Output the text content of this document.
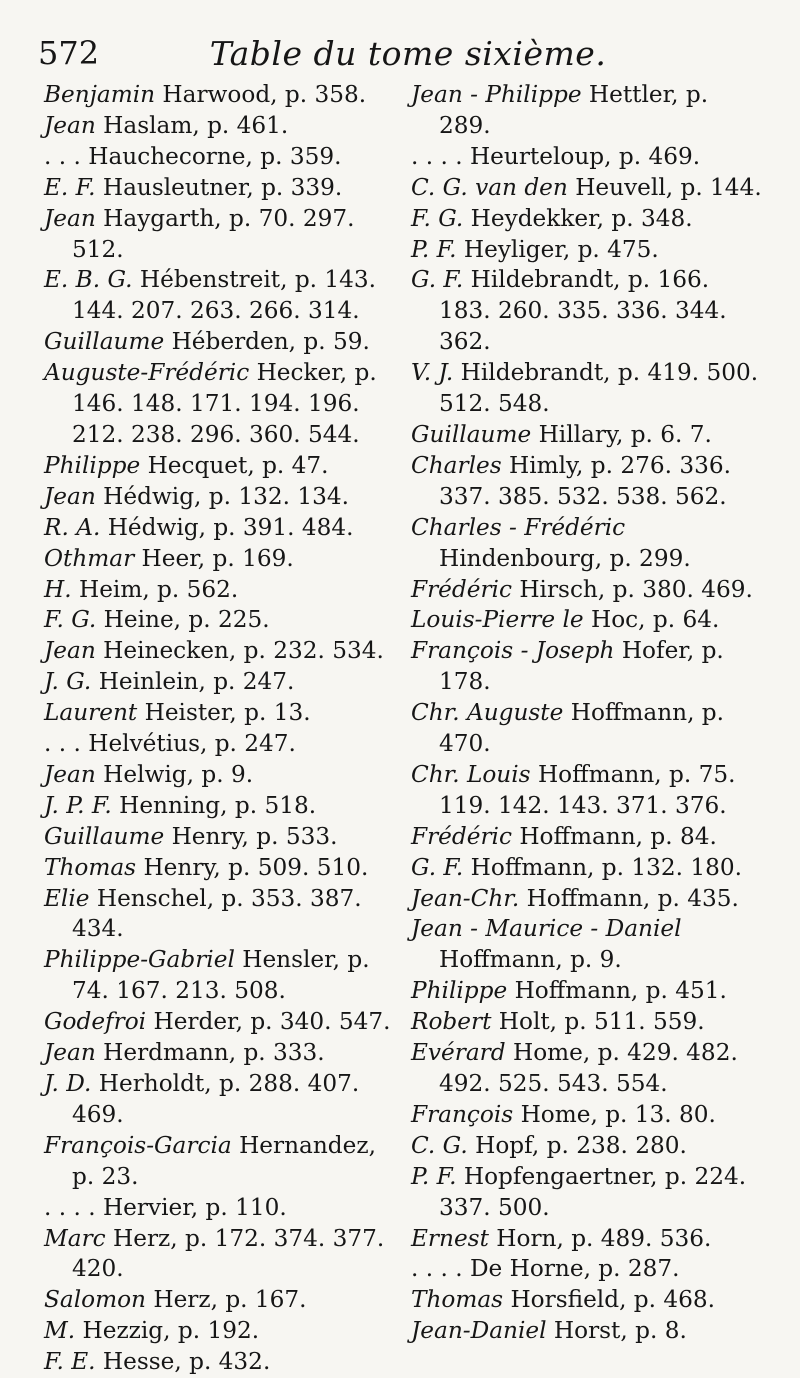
572	Table du tome sixième.

Benjamin Harwood, p. 358.

Jean Haslam, p. 461.

. . . Hauchecorne, p. 359.

E. F. Hausleutner, p. 339.

Jean Haygarth, p. 70. 297. 512.

E. B. G. Hébenstreit, p. 143. 144. 207. 263. 266. 314.

Guillaume Héberden, p. 59.

Auguste-Frédéric Hecker, p. 146. 148. 171. 194. 196. 212. 238. 296. 360. 544.

Philippe Hecquet, p. 47.

Jean Hédwig, p. 132. 134.

R. A. Hédwig, p. 391. 484.

Othmar Heer, p. 169.

H. Heim, p. 562.

F. G. Heine, p. 225.

Jean Heinecken, p. 232. 534.

J. G. Heinlein, p. 247.

Laurent Heister, p. 13.

. . . Helvétius, p. 247.

Jean Helwig, p. 9.

J. P. F. Henning, p. 518.

Guillaume Henry, p. 533.

Thomas Henry, p. 509. 510.

Elie Henschel, p. 353. 387. 434.

Philippe-Gabriel Hensler, p. 74. 167. 213. 508.

Godefroi Herder, p. 340. 547.

Jean Herdmann, p. 333.

J. D. Herholdt, p. 288. 407. 469.

François-Garcia Hernandez, p. 23.

. . . . Hervier, p. 110.

Marc Herz, p. 172. 374. 377. 420.

Salomon Herz, p. 167.

M. Hezzig, p. 192.

F. E. Hesse, p. 432.

Jean - Philippe Hettler, p. 289.

. . . . Heurteloup, p. 469.

C. G. van den Heuvell, p. 144.

F. G. Heydekker, p. 348.

P. F. Heyliger, p. 475.

G. F. Hildebrandt, p. 166. 183. 260. 335. 336. 344. 362.

V. J. Hildebrandt, p. 419. 500. 512. 548.

Guillaume Hillary, p. 6. 7.

Charles Himly, p. 276. 336. 337. 385. 532. 538. 562.

Charles - Frédéric Hindenbourg, p. 299.

Frédéric Hirsch, p. 380. 469.

Louis-Pierre le Hoc, p. 64.

François - Joseph Hofer, p. 178.

Chr. Auguste Hoffmann, p. 470.

Chr. Louis Hoffmann, p. 75. 119. 142. 143. 371. 376.

Frédéric Hoffmann, p. 84.

G. F. Hoffmann, p. 132. 180.

Jean-Chr. Hoffmann, p. 435.

Jean - Maurice - Daniel Hoffmann, p. 9.

Philippe Hoffmann, p. 451.

Robert Holt, p. 511. 559.

Evérard Home, p. 429. 482. 492. 525. 543. 554.

François Home, p. 13. 80.

C. G. Hopf, p. 238. 280.

P. F. Hopfengaertner, p. 224. 337. 500.

Ernest Horn, p. 489. 536.

. . . . De Horne, p. 287.

Thomas Horsfield, p. 468.

Jean-Daniel Horst, p. 8.
